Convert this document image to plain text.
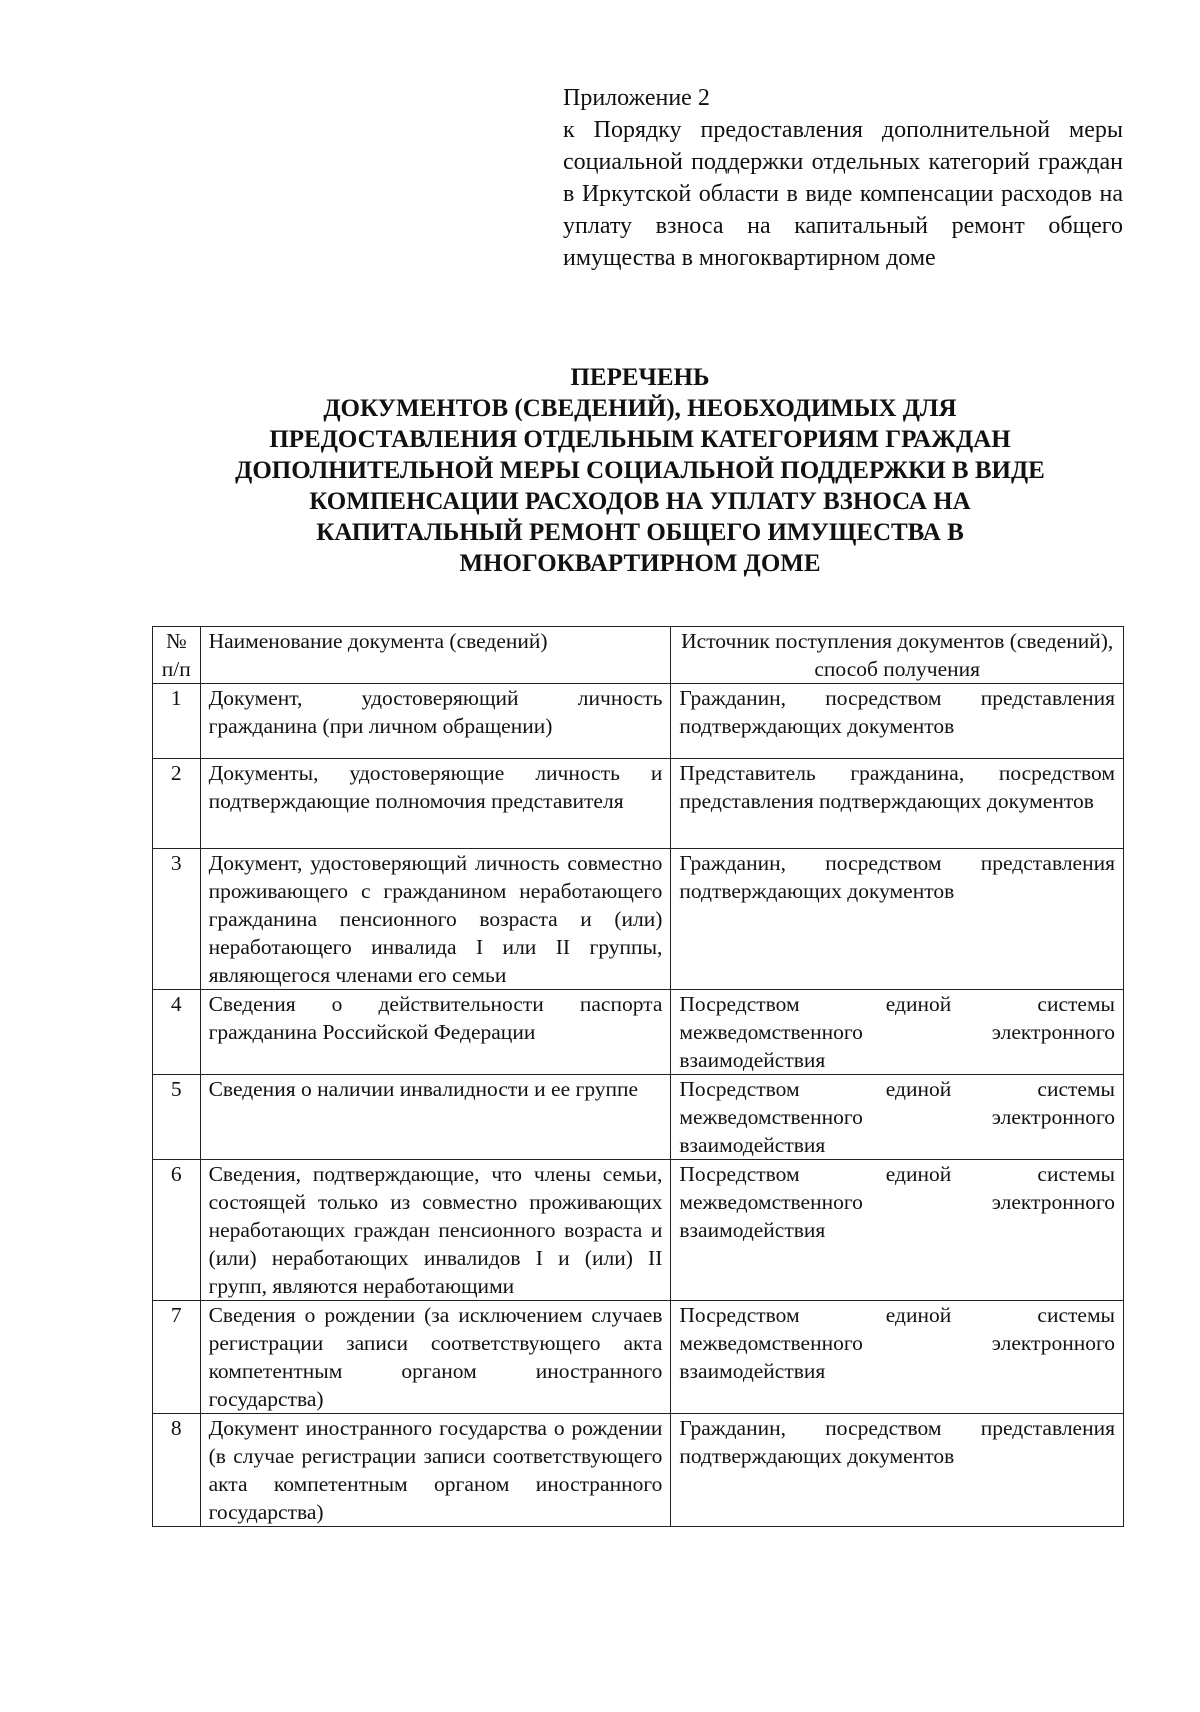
Приложение 2
к Порядку предоставления дополнительной меры социальной поддержки отдельных категорий граждан в Иркутской области в виде компенсации расходов на уплату взноса на капитальный ремонт общего имущества в многоквартирном доме
ПЕРЕЧЕНЬ
ДОКУМЕНТОВ (СВЕДЕНИЙ), НЕОБХОДИМЫХ ДЛЯ
ПРЕДОСТАВЛЕНИЯ ОТДЕЛЬНЫМ КАТЕГОРИЯМ ГРАЖДАН
ДОПОЛНИТЕЛЬНОЙ МЕРЫ СОЦИАЛЬНОЙ ПОДДЕРЖКИ В ВИДЕ
КОМПЕНСАЦИИ РАСХОДОВ НА УПЛАТУ ВЗНОСА НА
КАПИТАЛЬНЫЙ РЕМОНТ ОБЩЕГО ИМУЩЕСТВА В
МНОГОКВАРТИРНОМ ДОМЕ
№ п/п	Наименование документа (сведений)	Источник поступления документов (сведений), способ получения
1	Документ, удостоверяющий личность гражданина (при личном обращении)	Гражданин, посредством представления подтверждающих документов
2	Документы, удостоверяющие личность и подтверждающие полномочия представителя	Представитель гражданина, посредством представления подтверждающих документов
3	Документ, удостоверяющий личность совместно проживающего с гражданином неработающего гражданина пенсионного возраста и (или) неработающего инвалида I или II группы, являющегося членами его семьи	Гражданин, посредством представления подтверждающих документов
4	Сведения о действительности паспорта гражданина Российской Федерации	Посредством единой системы межведомственного электронного взаимодействия
5	Сведения о наличии инвалидности и ее группе	Посредством единой системы межведомственного электронного взаимодействия
6	Сведения, подтверждающие, что члены семьи, состоящей только из совместно проживающих неработающих граждан пенсионного возраста и (или) неработающих инвалидов I и (или) II групп, являются неработающими	Посредством единой системы межведомственного электронного взаимодействия
7	Сведения о рождении (за исключением случаев регистрации записи соответствующего акта компетентным органом иностранного государства)	Посредством единой системы межведомственного электронного взаимодействия
8	Документ иностранного государства о рождении (в случае регистрации записи соответствующего акта компетентным органом иностранного государства)	Гражданин, посредством представления подтверждающих документов
